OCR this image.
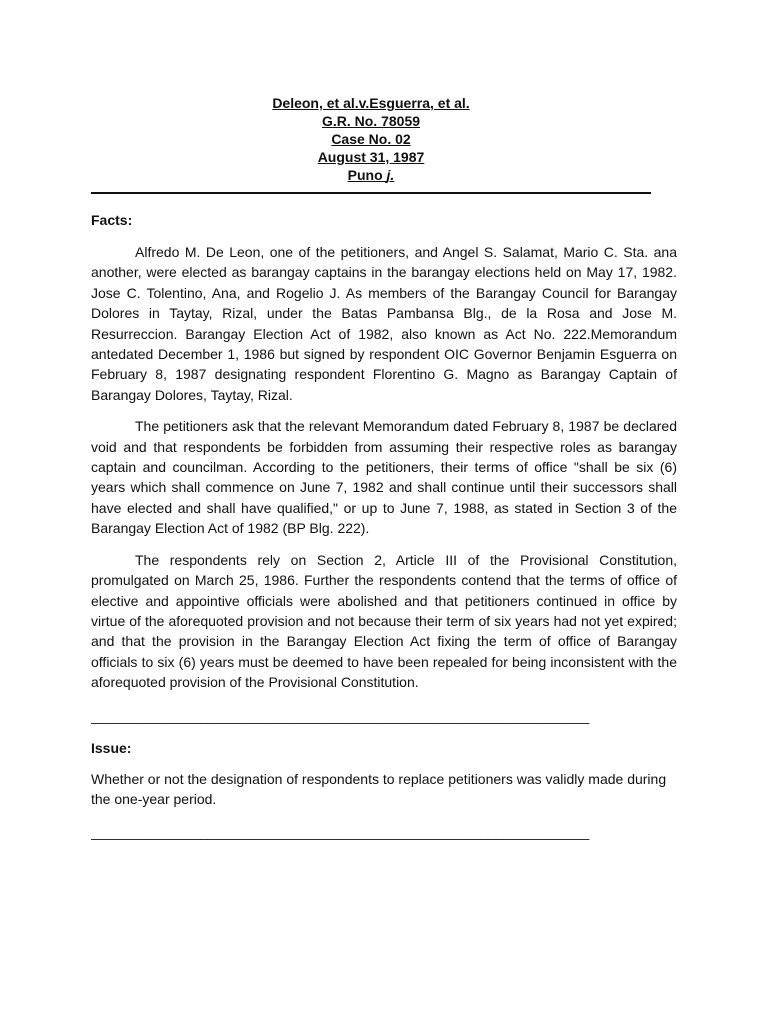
Deleon, et al.v.Esguerra, et al.
G.R. No. 78059
Case No. 02
August 31, 1987
Puno j.
Facts:

Alfredo M. De Leon, one of the petitioners, and Angel S. Salamat, Mario C. Sta. ana another, were elected as barangay captains in the barangay elections held on May 17, 1982. Jose C. Tolentino, Ana, and Rogelio J. As members of the Barangay Council for Barangay Dolores in Taytay, Rizal, under the Batas Pambansa Blg., de la Rosa and Jose M. Resurreccion. Barangay Election Act of 1982, also known as Act No. 222.Memorandum antedated December 1, 1986 but signed by respondent OIC Governor Benjamin Esguerra on February 8, 1987 designating respondent Florentino G. Magno as Barangay Captain of Barangay Dolores, Taytay, Rizal.

The petitioners ask that the relevant Memorandum dated February 8, 1987 be declared void and that respondents be forbidden from assuming their respective roles as barangay captain and councilman. According to the petitioners, their terms of office "shall be six (6) years which shall commence on June 7, 1982 and shall continue until their successors shall have elected and shall have qualified," or up to June 7, 1988, as stated in Section 3 of the Barangay Election Act of 1982 (BP Blg. 222).

The respondents rely on Section 2, Article III of the Provisional Constitution, promulgated on March 25, 1986. Further the respondents contend that the terms of office of elective and appointive officials were abolished and that petitioners continued in office by virtue of the aforequoted provision and not because their term of six years had not yet expired; and that the provision in the Barangay Election Act fixing the term of office of Barangay officials to six (6) years must be deemed to have been repealed for being inconsistent with the aforequoted provision of the Provisional Constitution.

________________________________________________________________
Issue:

Whether or not the designation of respondents to replace petitioners was validly made during the one-year period.

________________________________________________________________
